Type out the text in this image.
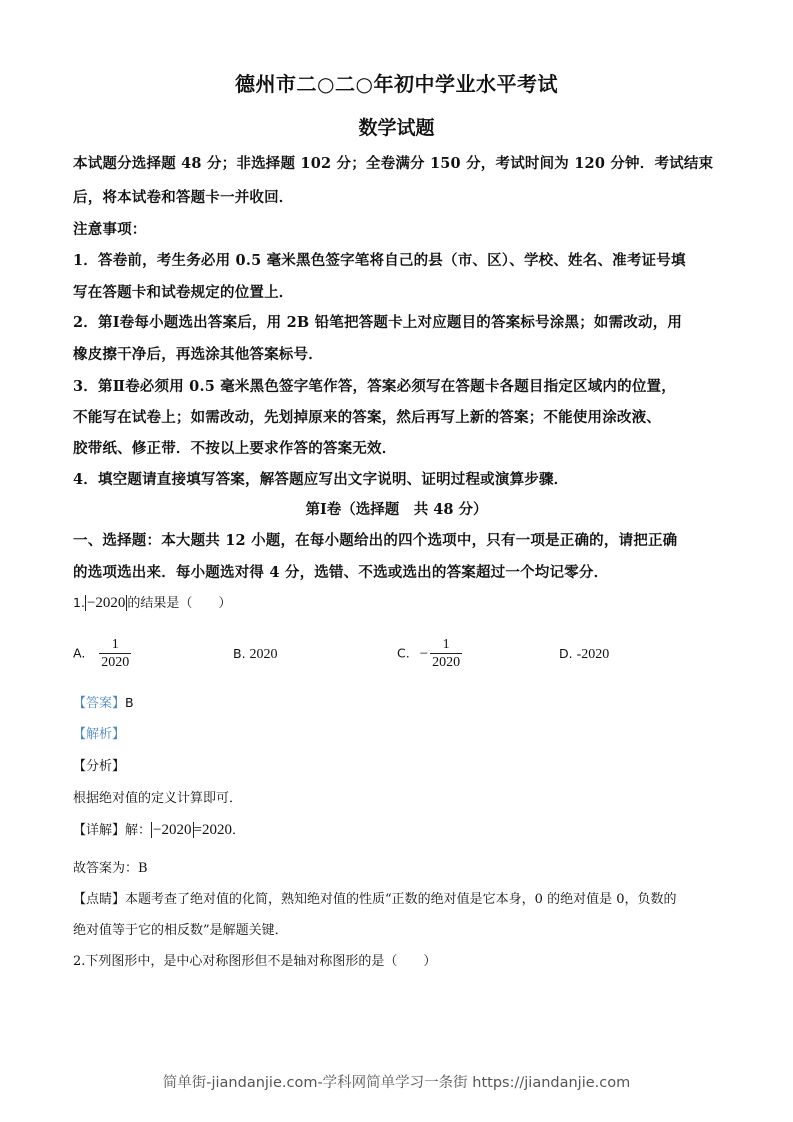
德州市二○二○年初中学业水平考试
数学试题
本试题分选择题 48 分；非选择题 102 分；全卷满分 150 分，考试时间为 120 分钟．考试结束
后，将本试卷和答题卡一并收回．
注意事项：
1．答卷前，考生务必用 0.5 毫米黑色签字笔将自己的县（市、区）、学校、姓名、准考证号填
写在答题卡和试卷规定的位置上．
2．第Ⅰ卷每小题选出答案后，用 2B 铅笔把答题卡上对应题目的答案标号涂黑；如需改动，用
橡皮擦干净后，再选涂其他答案标号．
3．第Ⅱ卷必须用 0.5 毫米黑色签字笔作答，答案必须写在答题卡各题目指定区域内的位置，
不能写在试卷上；如需改动，先划掉原来的答案，然后再写上新的答案；不能使用涂改液、
胶带纸、修正带．不按以上要求作答的答案无效．
4．填空题请直接填写答案，解答题应写出文字说明、证明过程或演算步骤．
第Ⅰ卷（选择题　共 48 分）
一、选择题：本大题共 12 小题，在每小题给出的四个选项中，只有一项是正确的，请把正确
的选项选出来．每小题选对得 4 分，选错、不选或选出的答案超过一个均记零分．
1. −2020 的结果是（　　）
A. $\frac{1}{2020}$	B. 2020	C. − $\frac{1}{2020}$	D. -2020
【答案】B
【解析】
【分析】
根据绝对值的定义计算即可．
【详解】解： −2020 =2020．
故答案为：B
【点睛】本题考查了绝对值的化简，熟知绝对值的性质“正数的绝对值是它本身，0 的绝对值是 0，负数的
绝对值等于它的相反数”是解题关键．
2.下列图形中，是中心对称图形但不是轴对称图形的是（　　）
简单街-jiandanjie.com-学科网简单学习一条街 https://jiandanjie.com
